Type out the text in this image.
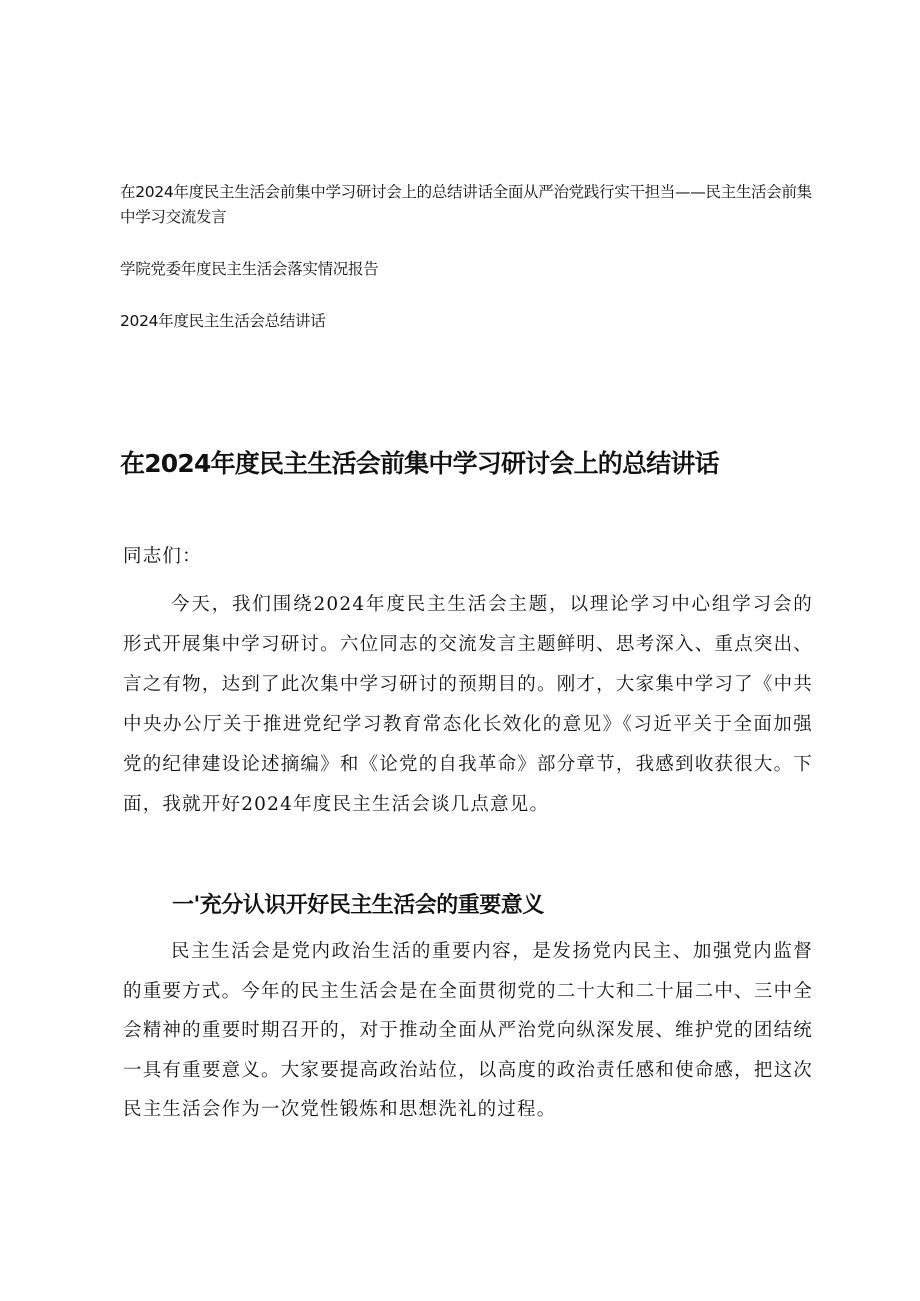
在2024年度民主生活会前集中学习研讨会上的总结讲话全面从严治党践行实干担当——民主生活会前集中学习交流发言

学院党委年度民主生活会落实情况报告

2024年度民主生活会总结讲话

在2024年度民主生活会前集中学习研讨会上的总结讲话

同志们：

今天，我们围绕2024年度民主生活会主题，以理论学习中心组学习会的形式开展集中学习研讨。六位同志的交流发言主题鲜明、思考深入、重点突出、言之有物，达到了此次集中学习研讨的预期目的。刚才，大家集中学习了《中共中央办公厅关于推进党纪学习教育常态化长效化的意见》《习近平关于全面加强党的纪律建设论述摘编》和《论党的自我革命》部分章节，我感到收获很大。下面，我就开好2024年度民主生活会谈几点意见。

一'充分认识开好民主生活会的重要意义

民主生活会是党内政治生活的重要内容，是发扬党内民主、加强党内监督的重要方式。今年的民主生活会是在全面贯彻党的二十大和二十届二中、三中全会精神的重要时期召开的，对于推动全面从严治党向纵深发展、维护党的团结统一具有重要意义。大家要提高政治站位，以高度的政治责任感和使命感，把这次民主生活会作为一次党性锻炼和思想洗礼的过程。
